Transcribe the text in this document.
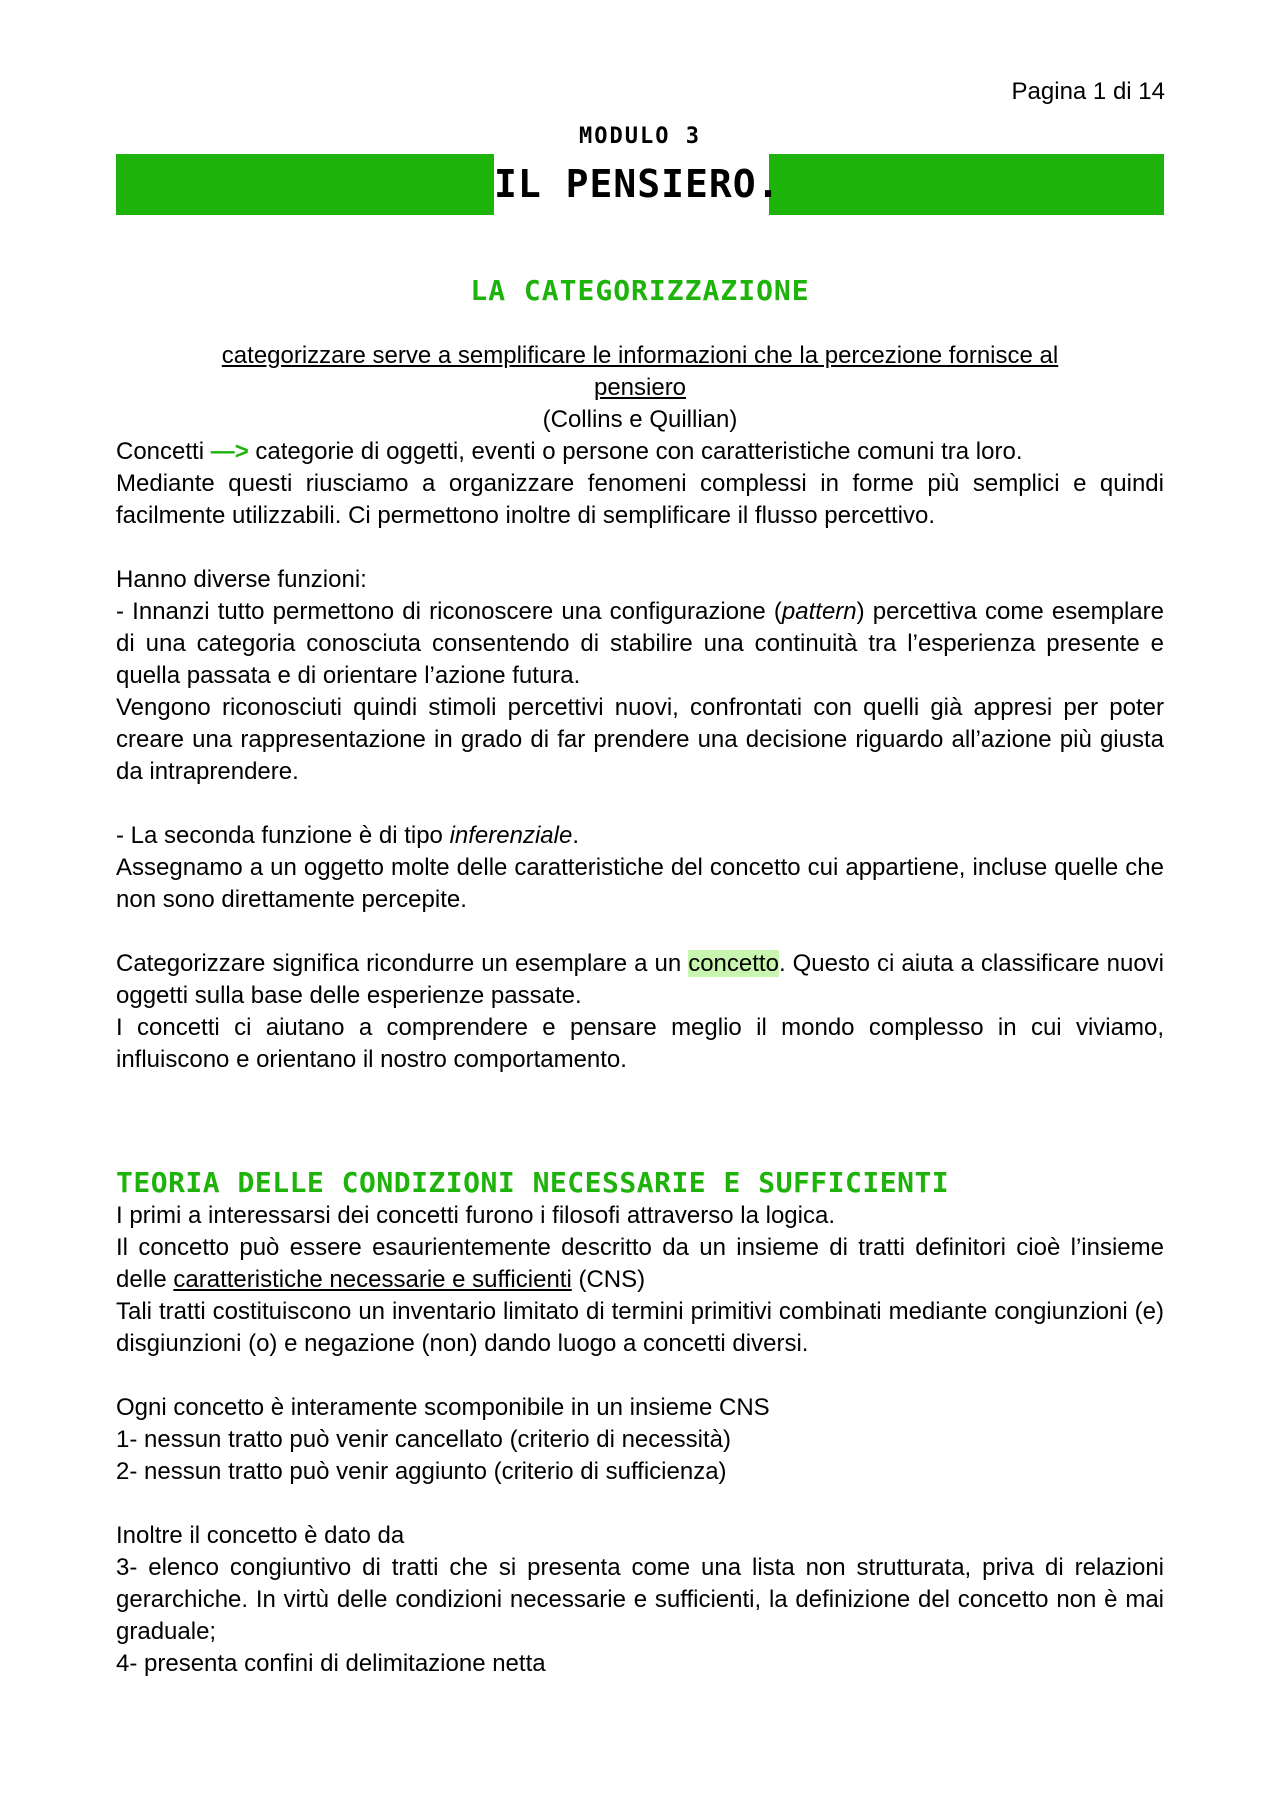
Pagina 1 di 14
MODULO 3
IL PENSIERO.
LA CATEGORIZZAZIONE

categorizzare serve a semplificare le informazioni che la percezione fornisce al

pensiero

(Collins e Quillian)

Concetti —> categorie di oggetti, eventi o persone con caratteristiche comuni tra loro.

Mediante questi riusciamo a organizzare fenomeni complessi in forme più semplici e quindi facilmente utilizzabili. Ci permettono inoltre di semplificare il flusso percettivo.

Hanno diverse funzioni:

- Innanzi tutto permettono di riconoscere una configurazione (pattern) percettiva come esemplare di una categoria conosciuta consentendo di stabilire una continuità tra l’esperienza presente e quella passata e di orientare l’azione futura.

Vengono riconosciuti quindi stimoli percettivi nuovi, confrontati con quelli già appresi per poter creare una rappresentazione in grado di far prendere una decisione riguardo all’azione più giusta da intraprendere.

- La seconda funzione è di tipo inferenziale.

Assegnamo a un oggetto molte delle caratteristiche del concetto cui appartiene, incluse quelle che non sono direttamente percepite.

Categorizzare significa ricondurre un esemplare a un concetto. Questo ci aiuta a classificare nuovi oggetti sulla base delle esperienze passate.

I concetti ci aiutano a comprendere e pensare meglio il mondo complesso in cui viviamo, influiscono e orientano il nostro comportamento.

TEORIA DELLE CONDIZIONI NECESSARIE E SUFFICIENTI

I primi a interessarsi dei concetti furono i filosofi attraverso la logica.

Il concetto può essere esaurientemente descritto da un insieme di tratti definitori cioè l’insieme delle caratteristiche necessarie e sufficienti (CNS)

Tali tratti costituiscono un inventario limitato di termini primitivi combinati mediante congiunzioni (e) disgiunzioni (o) e negazione (non) dando luogo a concetti diversi.

Ogni concetto è interamente scomponibile in un insieme CNS

1- nessun tratto può venir cancellato (criterio di necessità)

2- nessun tratto può venir aggiunto (criterio di sufficienza)

Inoltre il concetto è dato da

3- elenco congiuntivo di tratti che si presenta come una lista non strutturata, priva di relazioni gerarchiche. In virtù delle condizioni necessarie e sufficienti, la definizione del concetto non è mai graduale;

4- presenta confini di delimitazione netta
